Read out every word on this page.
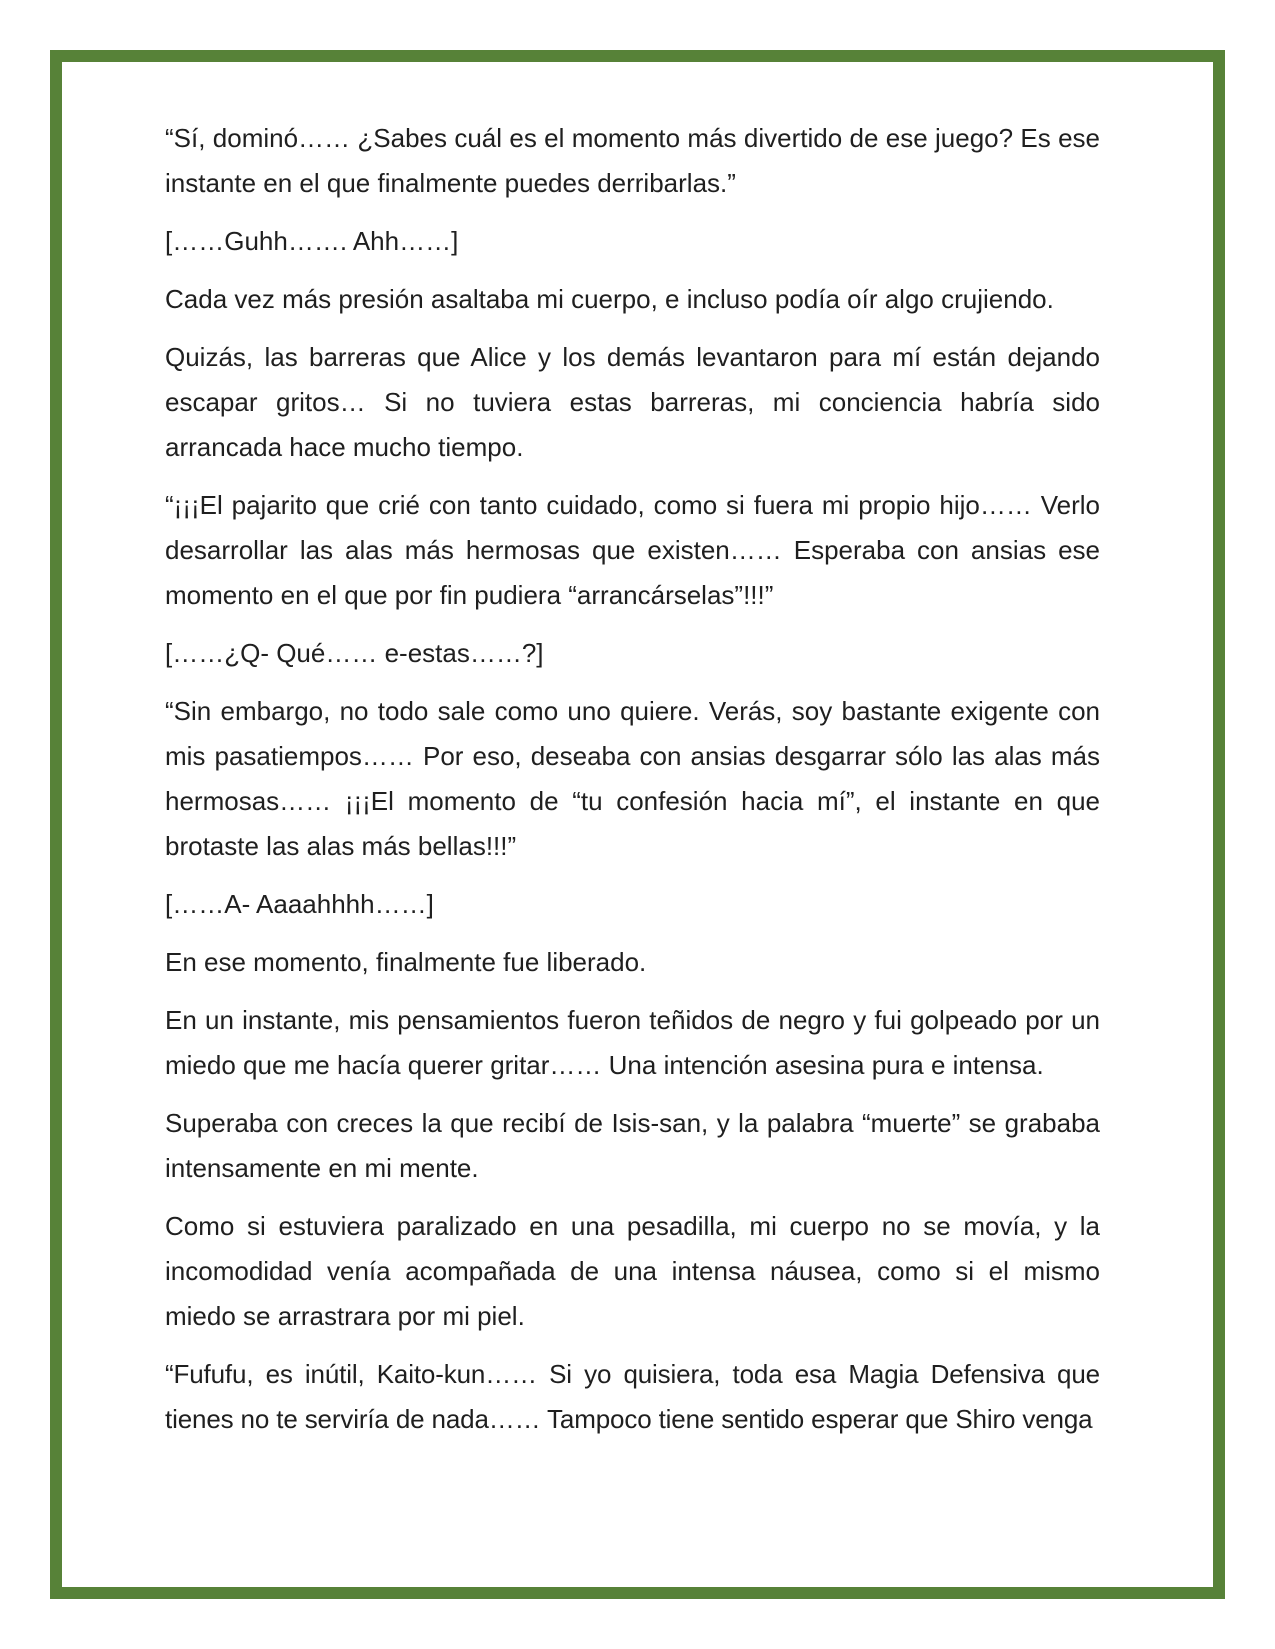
“Sí, dominó…… ¿Sabes cuál es el momento más divertido de ese juego? Es ese instante en el que finalmente puedes derribarlas.”

[……Guhh……. Ahh……]

Cada vez más presión asaltaba mi cuerpo, e incluso podía oír algo crujiendo.

Quizás, las barreras que Alice y los demás levantaron para mí están dejando escapar gritos… Si no tuviera estas barreras, mi conciencia habría sido arrancada hace mucho tiempo.

“¡¡¡El pajarito que crié con tanto cuidado, como si fuera mi propio hijo…… Verlo desarrollar las alas más hermosas que existen…… Esperaba con ansias ese momento en el que por fin pudiera “arrancárselas”!!!”

[……¿Q- Qué…… e-estas……?]

“Sin embargo, no todo sale como uno quiere. Verás, soy bastante exigente con mis pasatiempos…… Por eso, deseaba con ansias desgarrar sólo las alas más hermosas…… ¡¡¡El momento de “tu confesión hacia mí”, el instante en que brotaste las alas más bellas!!!”

[……A- Aaaahhhh……]

En ese momento, finalmente fue liberado.

En un instante, mis pensamientos fueron teñidos de negro y fui golpeado por un miedo que me hacía querer gritar…… Una intención asesina pura e intensa.

Superaba con creces la que recibí de Isis-san, y la palabra “muerte” se grababa intensamente en mi mente.

Como si estuviera paralizado en una pesadilla, mi cuerpo no se movía, y la incomodidad venía acompañada de una intensa náusea, como si el mismo miedo se arrastrara por mi piel.

“Fufufu, es inútil, Kaito-kun…… Si yo quisiera, toda esa Magia Defensiva que tienes no te serviría de nada…… Tampoco tiene sentido esperar que Shiro venga
